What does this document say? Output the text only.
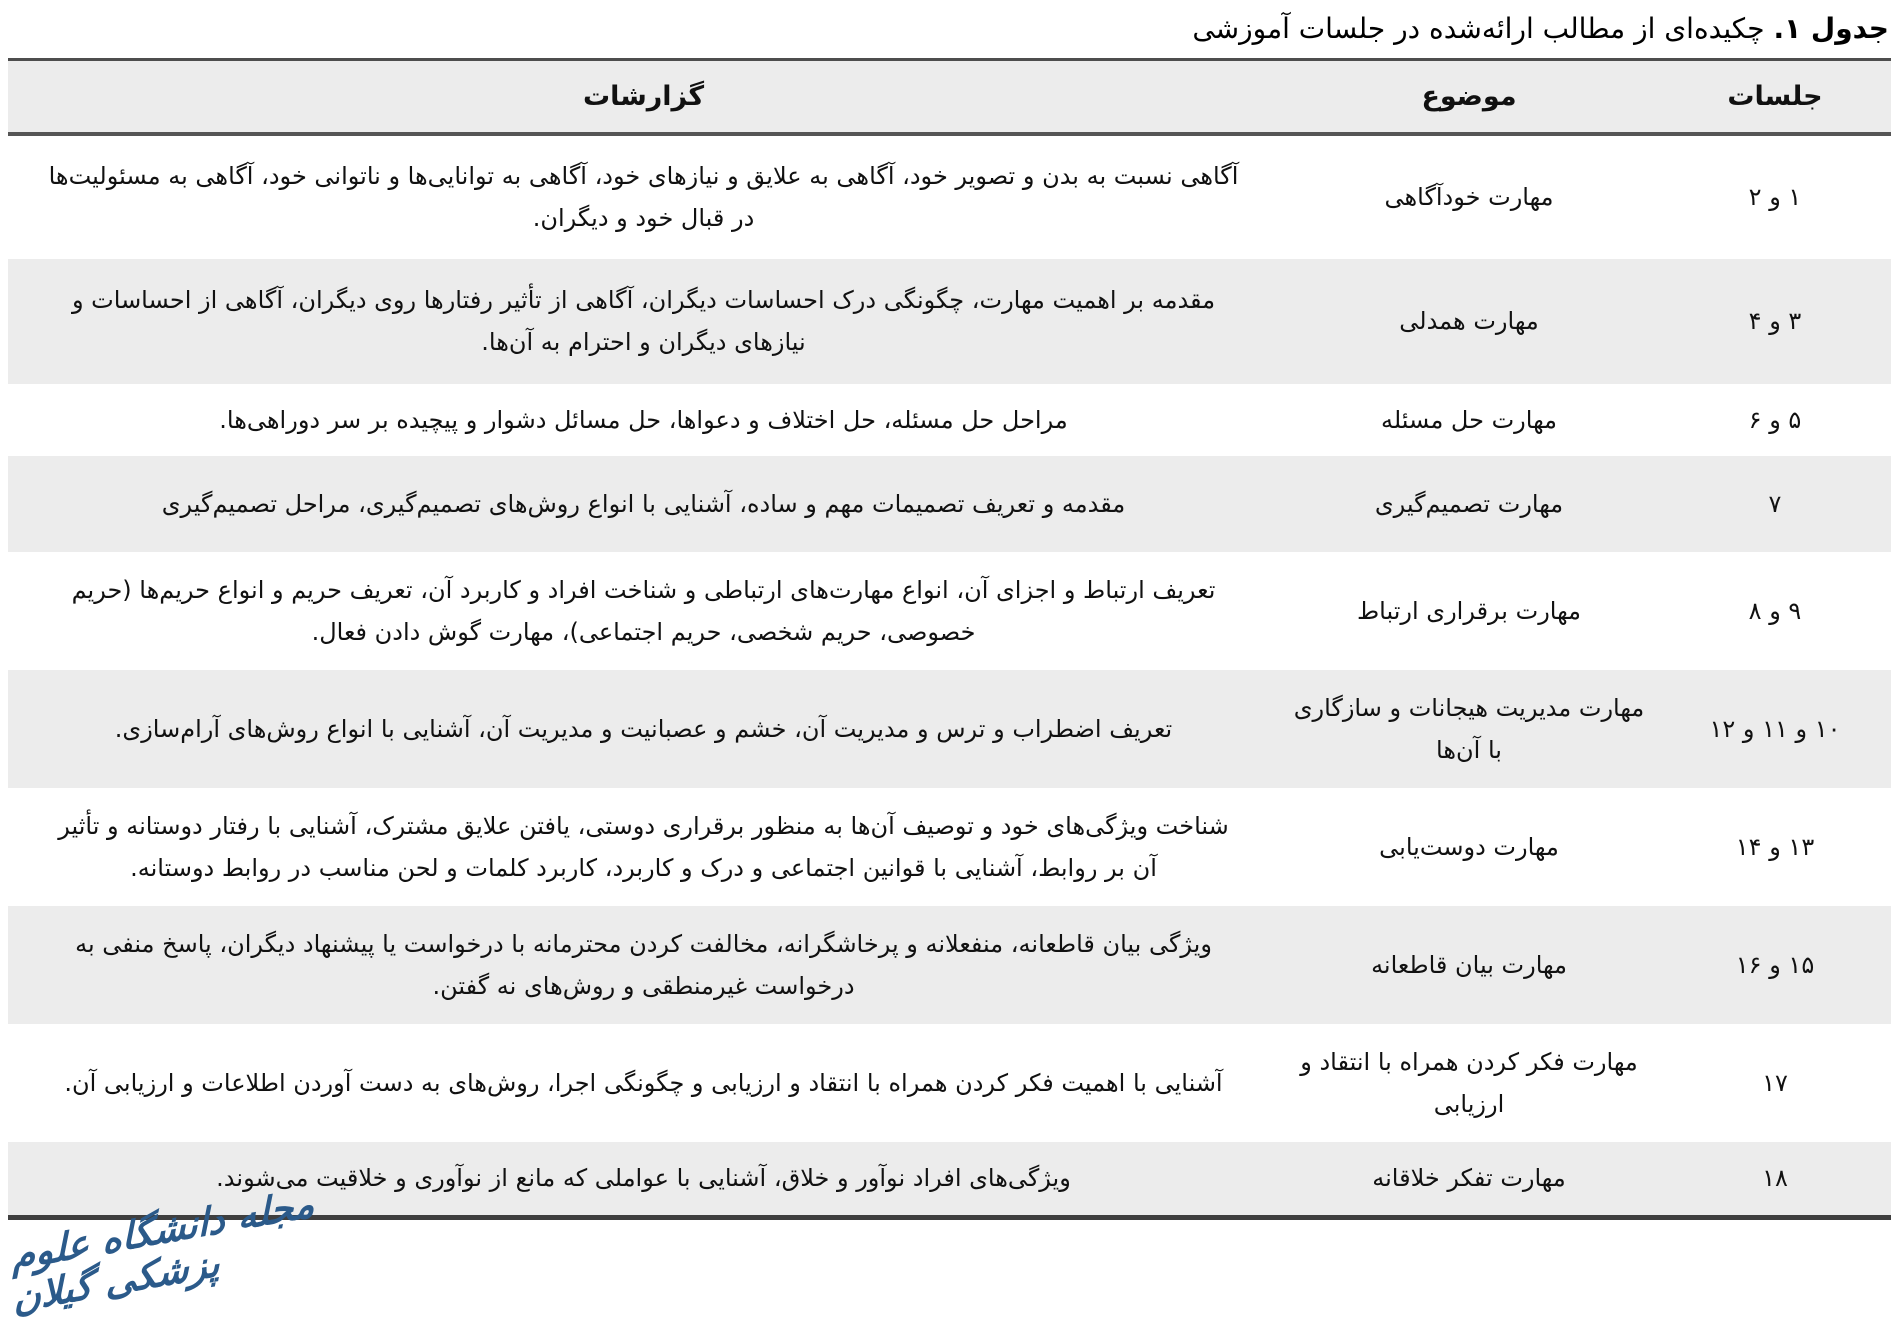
جدول ۱. چکیده‌ای از مطالب ارائه‌شده در جلسات آموزشی
جلسات	موضوع	گزارشات
۱ و ۲	مهارت خودآگاهی	آگاهی نسبت به بدن و تصویر خود، آگاهی به علایق و نیازهای خود، آگاهی به توانایی‌ها و ناتوانی خود، آگاهی به مسئولیت‌ها در قبال خود و دیگران.
۳ و ۴	مهارت همدلی	مقدمه بر اهمیت مهارت، چگونگی درک احساسات دیگران، آگاهی از تأثیر رفتارها روی دیگران، آگاهی از احساسات و نیازهای دیگران و احترام به آن‌ها.
۵ و ۶	مهارت حل مسئله	مراحل حل مسئله، حل اختلاف و دعواها، حل مسائل دشوار و پیچیده بر سر دوراهی‌ها.
۷	مهارت تصمیم‌گیری	مقدمه و تعریف تصمیمات مهم و ساده، آشنایی با انواع روش‌های تصمیم‌گیری، مراحل تصمیم‌گیری
۹ و ۸	مهارت برقراری ارتباط	تعریف ارتباط و اجزای آن، انواع مهارت‌های ارتباطی و شناخت افراد و کاربرد آن، تعریف حریم و انواع حریم‌ها (حریم خصوصی، حریم شخصی، حریم اجتماعی)، مهارت گوش دادن فعال.
۱۰ و ۱۱ و ۱۲	مهارت مدیریت هیجانات و سازگاری با آن‌ها	تعریف اضطراب و ترس و مدیریت آن، خشم و عصبانیت و مدیریت آن، آشنایی با انواع روش‌های آرام‌سازی.
۱۳ و ۱۴	مهارت دوست‌یابی	شناخت ویژگی‌های خود و توصیف آن‌ها به منظور برقراری دوستی، یافتن علایق مشترک، آشنایی با رفتار دوستانه و تأثیر آن بر روابط، آشنایی با قوانین اجتماعی و درک و کاربرد، کاربرد کلمات و لحن مناسب در روابط دوستانه.
۱۵ و ۱۶	مهارت بیان قاطعانه	ویژگی بیان قاطعانه، منفعلانه و پرخاشگرانه، مخالفت کردن محترمانه با درخواست یا پیشنهاد دیگران، پاسخ منفی به درخواست غیرمنطقی و روش‌های نه گفتن.
۱۷	مهارت فکر کردن همراه با انتقاد و ارزیابی	آشنایی با اهمیت فکر کردن همراه با انتقاد و ارزیابی و چگونگی اجرا، روش‌های به دست آوردن اطلاعات و ارزیابی آن.
۱۸	مهارت تفکر خلاقانه	ویژگی‌های افراد نوآور و خلاق، آشنایی با عواملی که مانع از نوآوری و خلاقیت می‌شوند.
مجله دانشگاه علوم پزشکی گیلان
